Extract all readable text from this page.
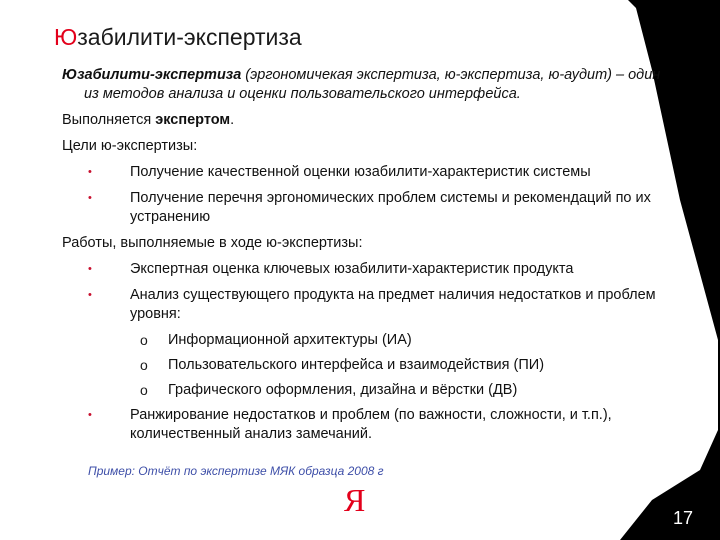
Юзабилити-экспертиза

Юзабилити-экспертиза (эргономичекая экспертиза, ю-экспертиза, ю-аудит) – один из методов анализа и оценки пользовательского интерфейса.

Выполняется экспертом.

Цели ю-экспертизы:

•	Получение качественной оценки юзабилити-характеристик системы
•	Получение перечня эргономических проблем системы и рекомендаций по их устранению

Работы, выполняемые в ходе ю-экспертизы:

•	Экспертная оценка ключевых юзабилити-характеристик продукта
•	Анализ существующего продукта на предмет наличия недостатков и проблем уровня:
o Информационной архитектуры (ИА)
o Пользовательского интерфейса и взаимодействия (ПИ)
o Графического оформления, дизайна и вёрстки (ДВ)
•	Ранжирование недостатков и проблем (по важности, сложности, и т.п.), количественный анализ замечаний.
Пример: Отчёт по экспертизе МЯК образца 2008 г
Я	17
